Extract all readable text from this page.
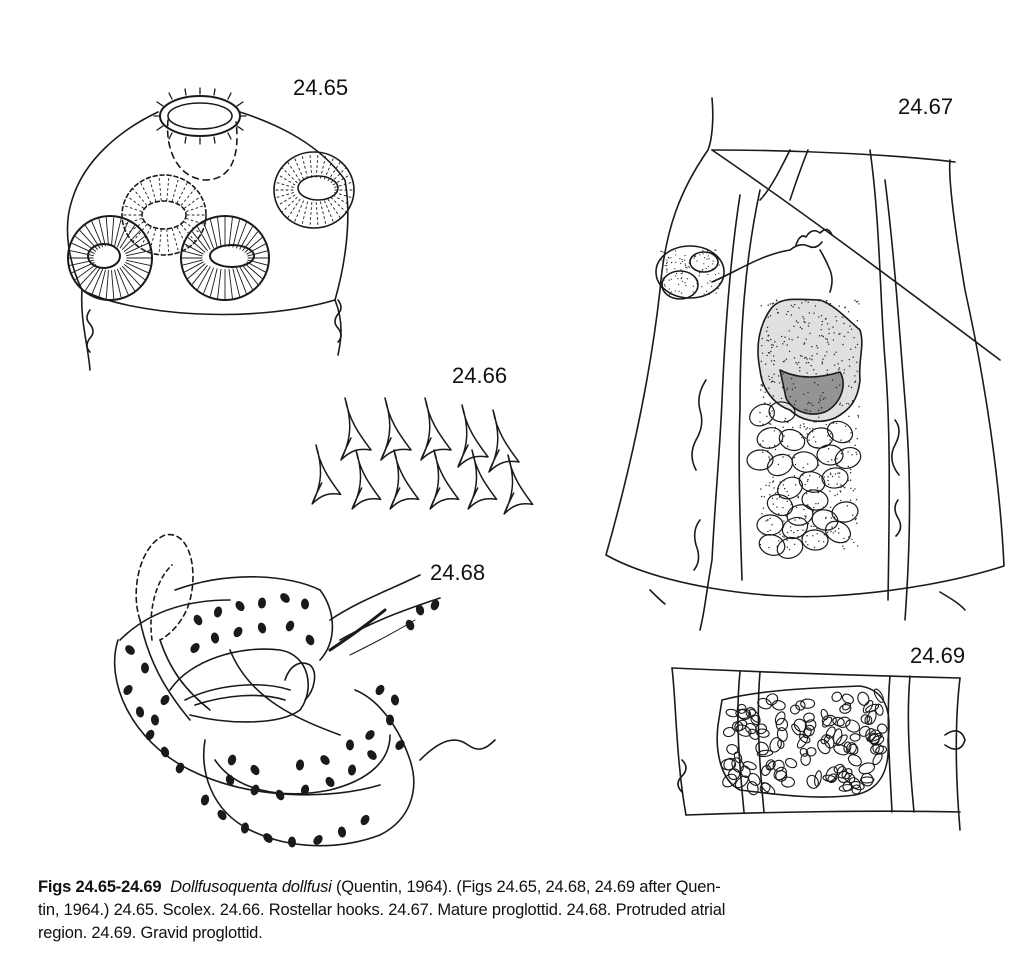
24.65
24.66
24.67
24.68
24.69
Figs 24.65-24.69 Dollfusoquenta dollfusi (Quentin, 1964). (Figs 24.65, 24.68, 24.69 after Quen-
tin, 1964.) 24.65. Scolex. 24.66. Rostellar hooks. 24.67. Mature proglottid. 24.68. Protruded atrial
region. 24.69. Gravid proglottid.
